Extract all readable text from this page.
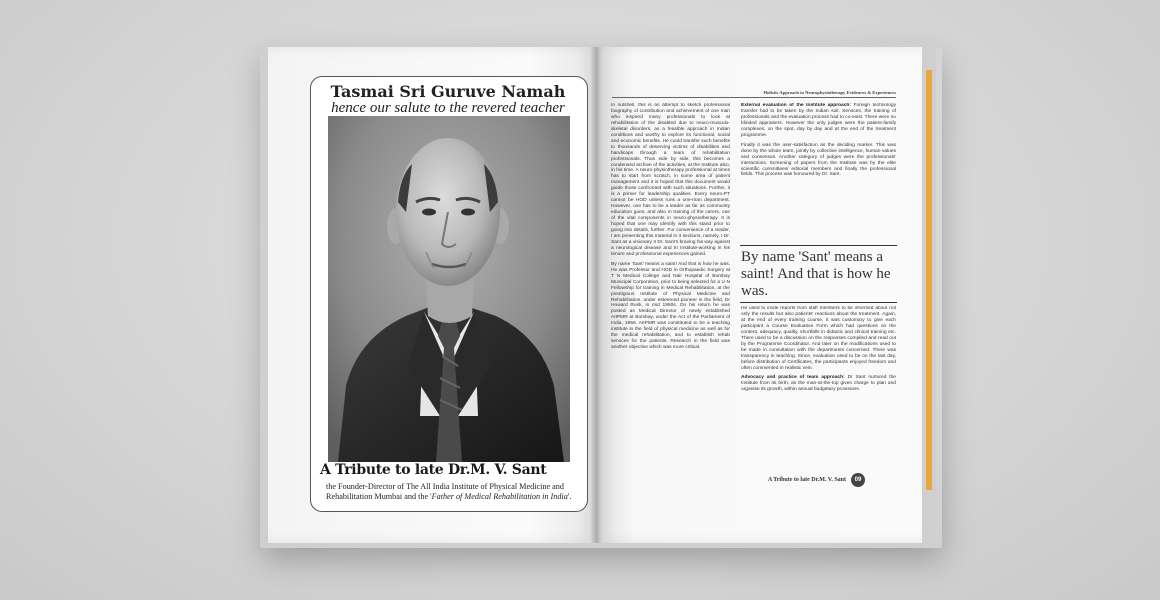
Tasmai Sri Guruve Namah
hence our salute to the revered teacher
A Tribute to late Dr.M. V. Sant
the Founder-Director of The All India Institute of Physical Medicine and
Rehabilitation Mumbai and the 'Father of Medical Rehabilitation in India'.
Holistic Approach to Neurophysiotherapy Evidences & Experiences

In nutshell, this is an attempt to sketch professional biography of contribution and achievement of one man who inspired many professionals to look at rehabilitation of the disabled due to neuro-musculo-skeletal disorders, as a feasible approach in Indian conditions and worthy to explore its functional, social and economic benefits. He could transfer such benefits to thousands of deserving victims of disabilities and handicaps through a team of rehabilitation professionals. Thus side by side, this becomes a condensed archive of the activities, at the Institute also, in his time. A neuro-physiotherapy professional at times has to start from scratch, in some area of patient management and it is hoped that this document would guide those confronted with such situations. Further, it is a primer for leadership qualities. Every neuro-PT cannot be HOD unless runs a one-man department. However, one has to be a leader as far as community education goes, and also in training of the carers, one of the vital components in neuro-physiotherapy. It is hoped that one may identify with this stand prior to going into details, further. For convenience of a reader, I am presenting this material in 3 sections, namely, I Dr. Sant as a visionary II Dr. Sant's braving his way against a neurological disease and III Institute-working in his tenure and professional experiences gained.

By name 'Sant' means a saint! And that is how he was. He was Professor and HOD in Orthopaedic Surgery at T N Medical College and Nair Hospital of Bombay Municipal Corporation, prior to being selected for a U N Fellowship for training in Medical Rehabilitation, at the prestigious Institute of Physical Medicine and Rehabilitation, under esteemed pioneer in the field, Dr Howard Rusk, in mid 1950s. On his return he was posted as Medical Director of newly established AIIPMR at Bombay, under the Act of the Parliament of India, 1956. AIIPMR was constituted to be a teaching institute in the field of physical medicine as well as for the medical rehabilitation, and to establish rehab services for the patients. Research in the field was another objective which was more critical.

External evaluation of the Institute approach: Foreign technology transfer had to be taken by the Indian soil. Services, the training of professionals and the evaluation process had to co-exist. There were no blinded appraisers. However the only judges were the patient-family complexes, on the spot, day by day and at the end of the treatment programme.

Finally it was the user-satisfaction as the deciding marker. This was done by the whole team, jointly by collective intelligence, human values and consensus. Another category of judges were the professionals' interactions. Screening of papers from the Institute was by the elite scientific committees/ editorial members and finally the professional fields. This process was honoured by Dr. Sant.

By name 'Sant' means a saint! And that is how he was.

He used to invite reports from staff members to be informed about not only the results but also patients' reactions about the treatment. Again, at the end of every training course, it was customary to give each participant a Course Evaluation Form which had questions on the content, adequacy, quality, shortfalls in didactic and clinical training etc. There used to be a discussion on the responses compiled and read out by the Programme Coordinator. And later on the modifications used to be made in consultation with the departments concerned. There was transparency in teaching. Since, evaluation used to be on the last day, before distribution of Certificates, the participants enjoyed freedom and often commented in realistic vein.

Advocacy and practice of team approach: Dr Sant nurtured the Institute from its birth, as the man-at-the-top given charge to plan and organise its growth, within annual budgetary provisions.

A Tribute to late Dr.M. V. Sant	09
